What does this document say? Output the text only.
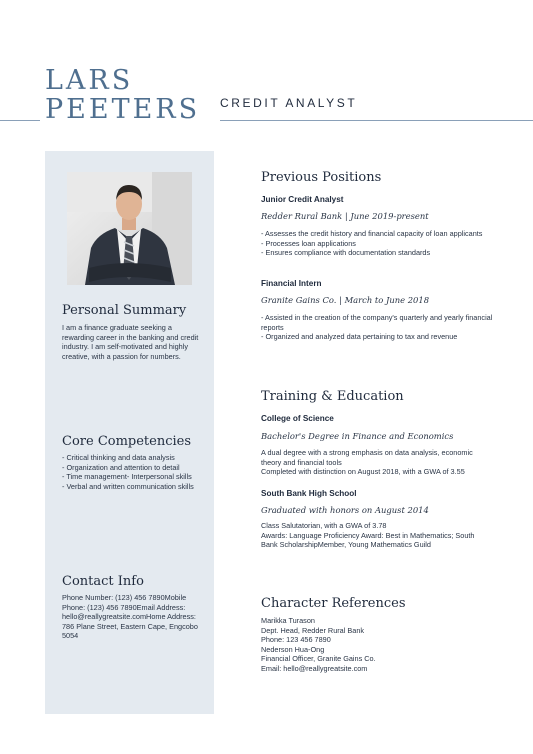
LARS
PEETERS CREDIT ANALYST
Personal Summary
I am a finance graduate seeking a rewarding career in the banking and credit industry. I am self-motivated and highly creative, with a passion for numbers.
Core Competencies
- Critical thinking and data analysis
- Organization and attention to detail
- Time management- Interpersonal skills
- Verbal and written communication skills
Contact Info
Phone Number: (123) 456 7890Mobile Phone: (123) 456 7890Email Address: hello@reallygreatsite.comHome Address: 786 Plane Street, Eastern Cape, Engcobo 5054
Previous Positions
Junior Credit Analyst
Redder Rural Bank | June 2019-present
- Assesses the credit history and financial capacity of loan applicants
- Processes loan applications
- Ensures compliance with documentation standards
Financial Intern
Granite Gains Co. | March to June 2018
- Assisted in the creation of the company's quarterly and yearly financial reports
- Organized and analyzed data pertaining to tax and revenue
Training & Education
College of Science
Bachelor's Degree in Finance and Economics
A dual degree with a strong emphasis on data analysis, economic theory and financial tools
Completed with distinction on August 2018, with a GWA of 3.55
South Bank High School
Graduated with honors on August 2014
Class Salutatorian, with a GWA of 3.78
Awards: Language Proficiency Award: Best in Mathematics; South Bank ScholarshipMember, Young Mathematics Guild
Character References
Marikka Turason
Dept. Head, Redder Rural Bank
Phone: 123 456 7890
Nederson Hua-Ong
Financial Officer, Granite Gains Co.
Email: hello@reallygreatsite.com
